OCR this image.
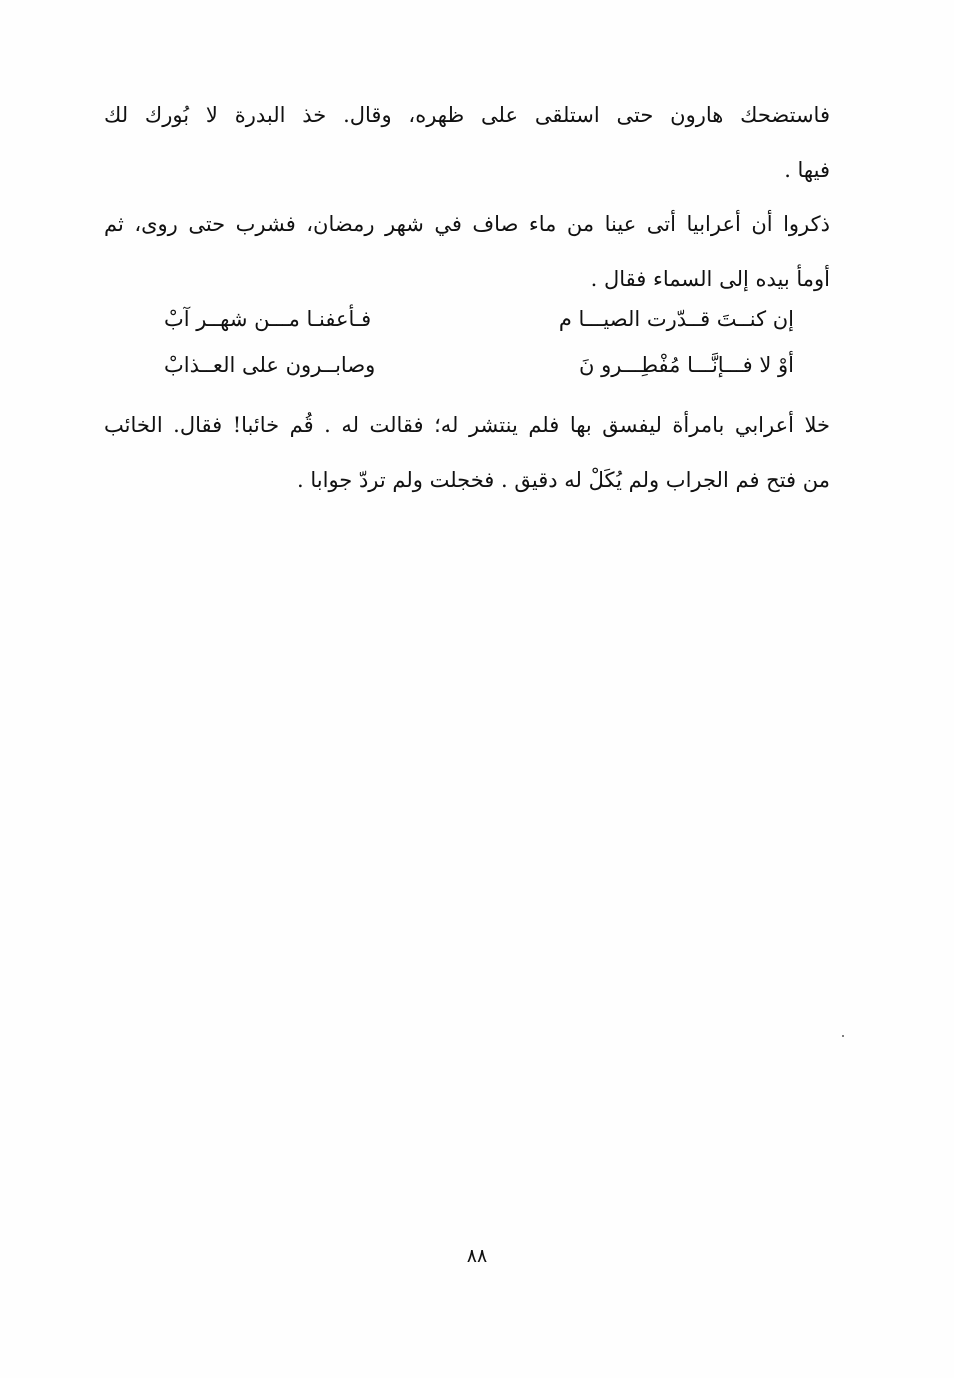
فاستضحك هارون حتى استلقى على ظهره، وقال. خذ البدرة لا بُورك لك
فيها .
ذكروا أن أعرابيا أتى عينا من ماء صاف في شهر رمضان، فشرب حتى روى، ثم
أومأ بيده إلى السماء فقال .
إن كنــتَ قــدّرت الصيـــا م
فـأعفنـا مـــن شهــر آبْ
أوْ لا فـــإنَّـــا مُفْطِـــرو نَ
وصابــرون على العــذابْ
خلا أعرابي بامرأة ليفسق بها فلم ينتشر له؛ فقالت له . قُم خائبا! فقال. الخائب
من فتح فم الجراب ولم يُكَلْ له دقيق . فخجلت ولم تردّ جوابا .
٨٨
